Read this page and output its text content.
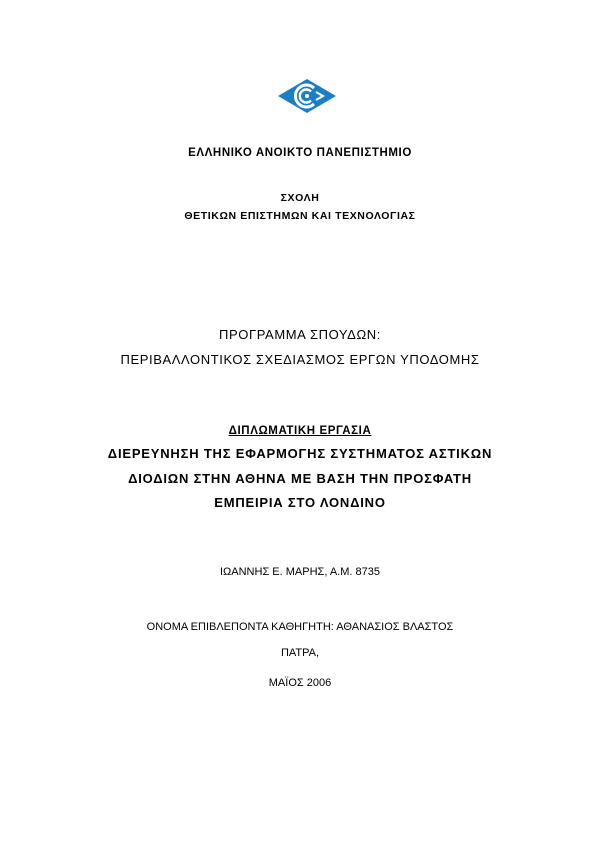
ΕΛΛΗΝΙΚΟ ΑΝΟΙΚΤΟ ΠΑΝΕΠΙΣΤΗΜΙΟ
ΣΧΟΛΗ
ΘΕΤΙΚΩΝ ΕΠΙΣΤΗΜΩΝ ΚΑΙ ΤΕΧΝΟΛΟΓΙΑΣ
ΠΡΟΓΡΑΜΜΑ ΣΠΟΥΔΩΝ:
ΠΕΡΙΒΑΛΛΟΝΤΙΚΟΣ ΣΧΕΔΙΑΣΜΟΣ ΕΡΓΩΝ ΥΠΟΔΟΜΗΣ
ΔΙΠΛΩΜΑΤΙΚΗ ΕΡΓΑΣΙΑ
ΔΙΕΡΕΥΝΗΣΗ ΤΗΣ ΕΦΑΡΜΟΓΗΣ ΣΥΣΤΗΜΑΤΟΣ ΑΣΤΙΚΩΝ
ΔΙΟΔΙΩΝ ΣΤΗΝ ΑΘΗΝΑ ΜΕ ΒΑΣΗ ΤΗΝ ΠΡΟΣΦΑΤΗ
ΕΜΠΕΙΡΙΑ ΣΤΟ ΛΟΝΔΙΝΟ
ΙΩΑΝΝΗΣ Ε. ΜΑΡΗΣ, Α.Μ. 8735
ΟΝΟΜΑ ΕΠΙΒΛΕΠΟΝΤΑ ΚΑΘΗΓΗΤΗ: ΑΘΑΝΑΣΙΟΣ ΒΛΑΣΤΟΣ
ΠΑΤΡΑ,
ΜΑΪΟΣ 2006
